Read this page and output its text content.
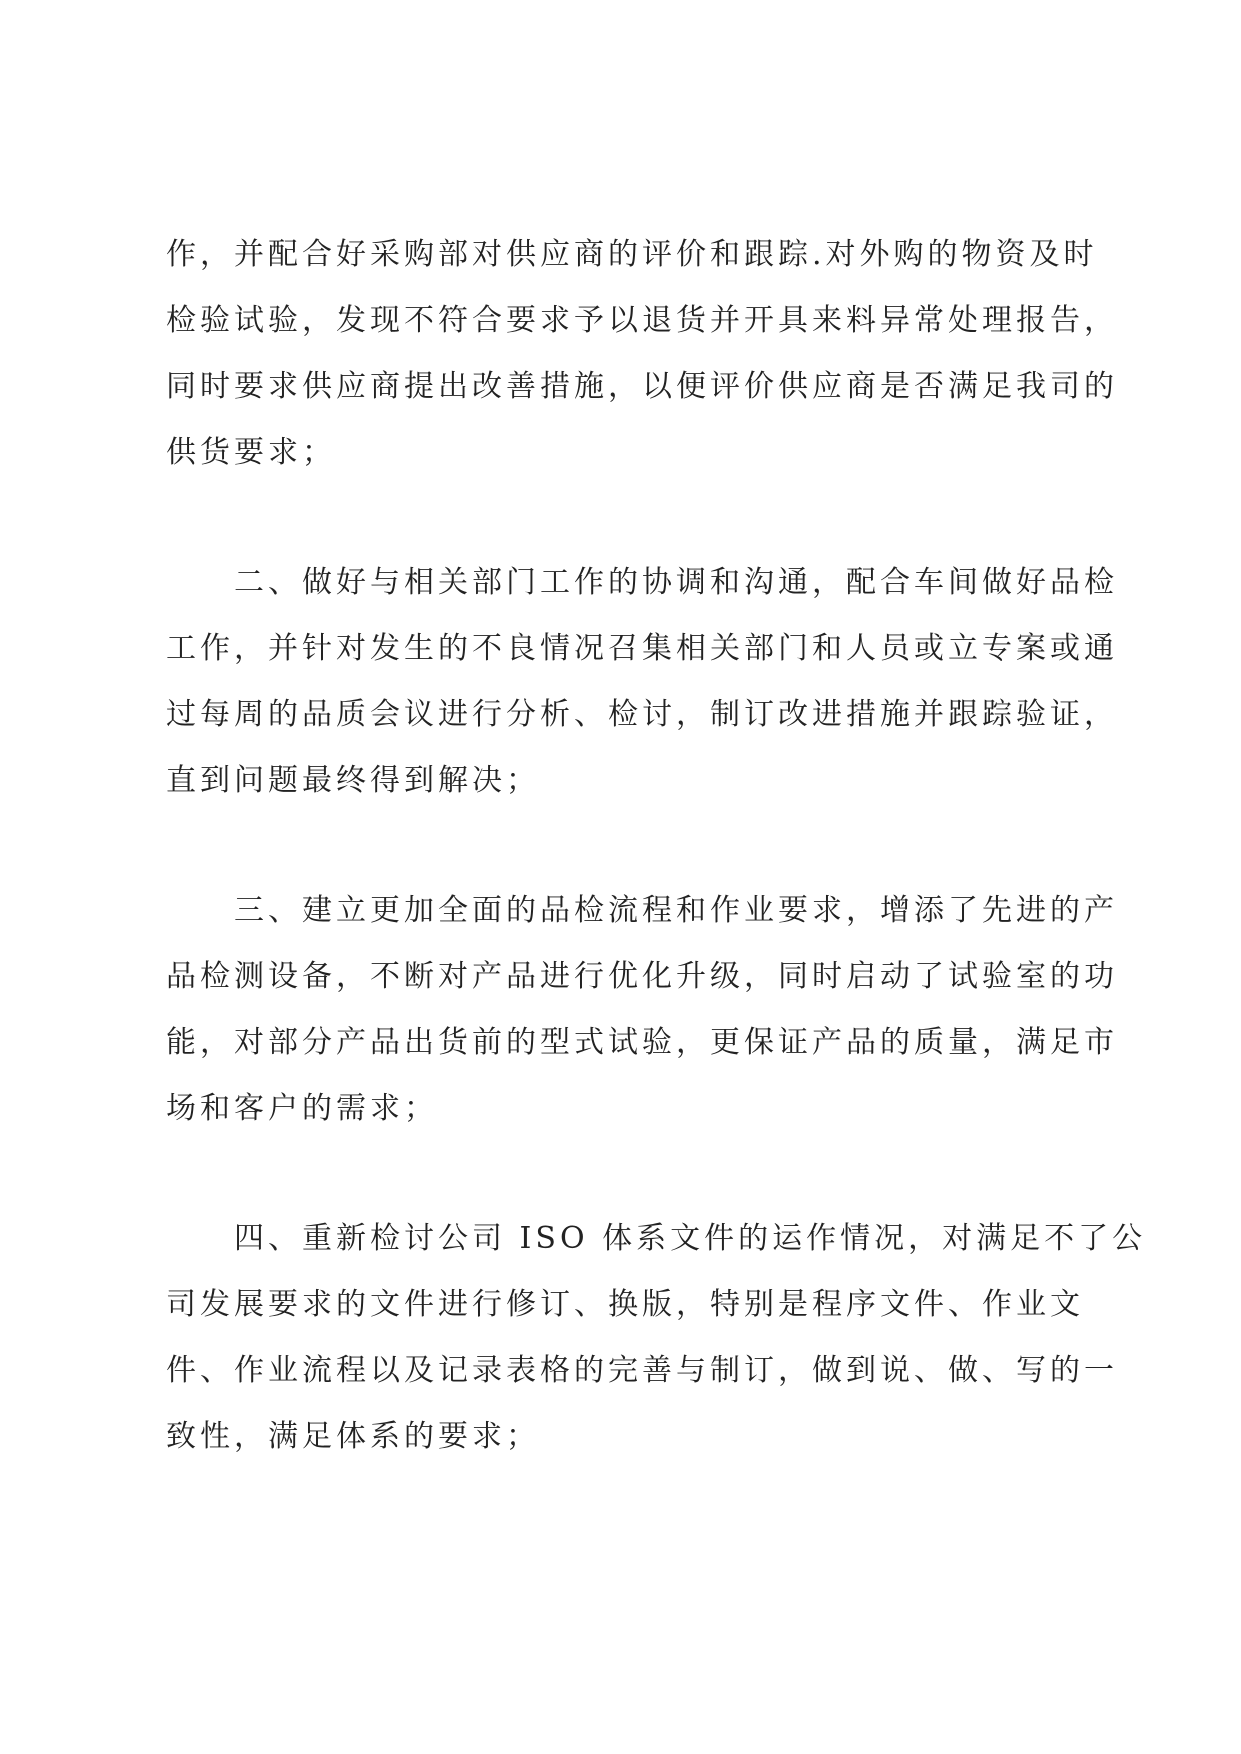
作，并配合好采购部对供应商的评价和跟踪.对外购的物资及时
检验试验，发现不符合要求予以退货并开具来料异常处理报告，
同时要求供应商提出改善措施，以便评价供应商是否满足我司的
供货要求；
二、做好与相关部门工作的协调和沟通，配合车间做好品检
工作，并针对发生的不良情况召集相关部门和人员或立专案或通
过每周的品质会议进行分析、检讨，制订改进措施并跟踪验证，
直到问题最终得到解决；
三、建立更加全面的品检流程和作业要求，增添了先进的产
品检测设备，不断对产品进行优化升级，同时启动了试验室的功
能，对部分产品出货前的型式试验，更保证产品的质量，满足市
场和客户的需求；
四、重新检讨公司 ISO 体系文件的运作情况，对满足不了公
司发展要求的文件进行修订、换版，特别是程序文件、作业文
件、作业流程以及记录表格的完善与制订，做到说、做、写的一
致性，满足体系的要求；
